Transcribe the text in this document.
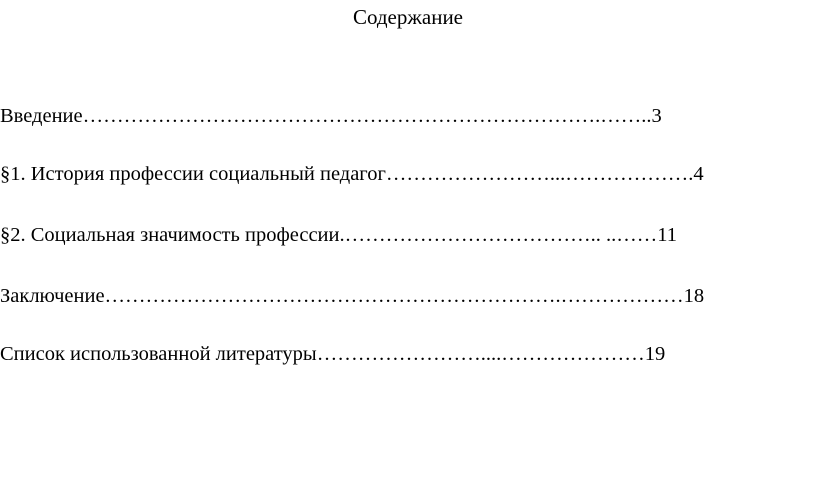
Содержание
Введение………………………………………………………………….……..3
§1. История профессии социальный педагог……………………...……………….4
§2. Социальная значимость профессии.……………………………….. ..……11
Заключение………………………………………………………….………………18
Список использованной литературы……………………....…………………19
